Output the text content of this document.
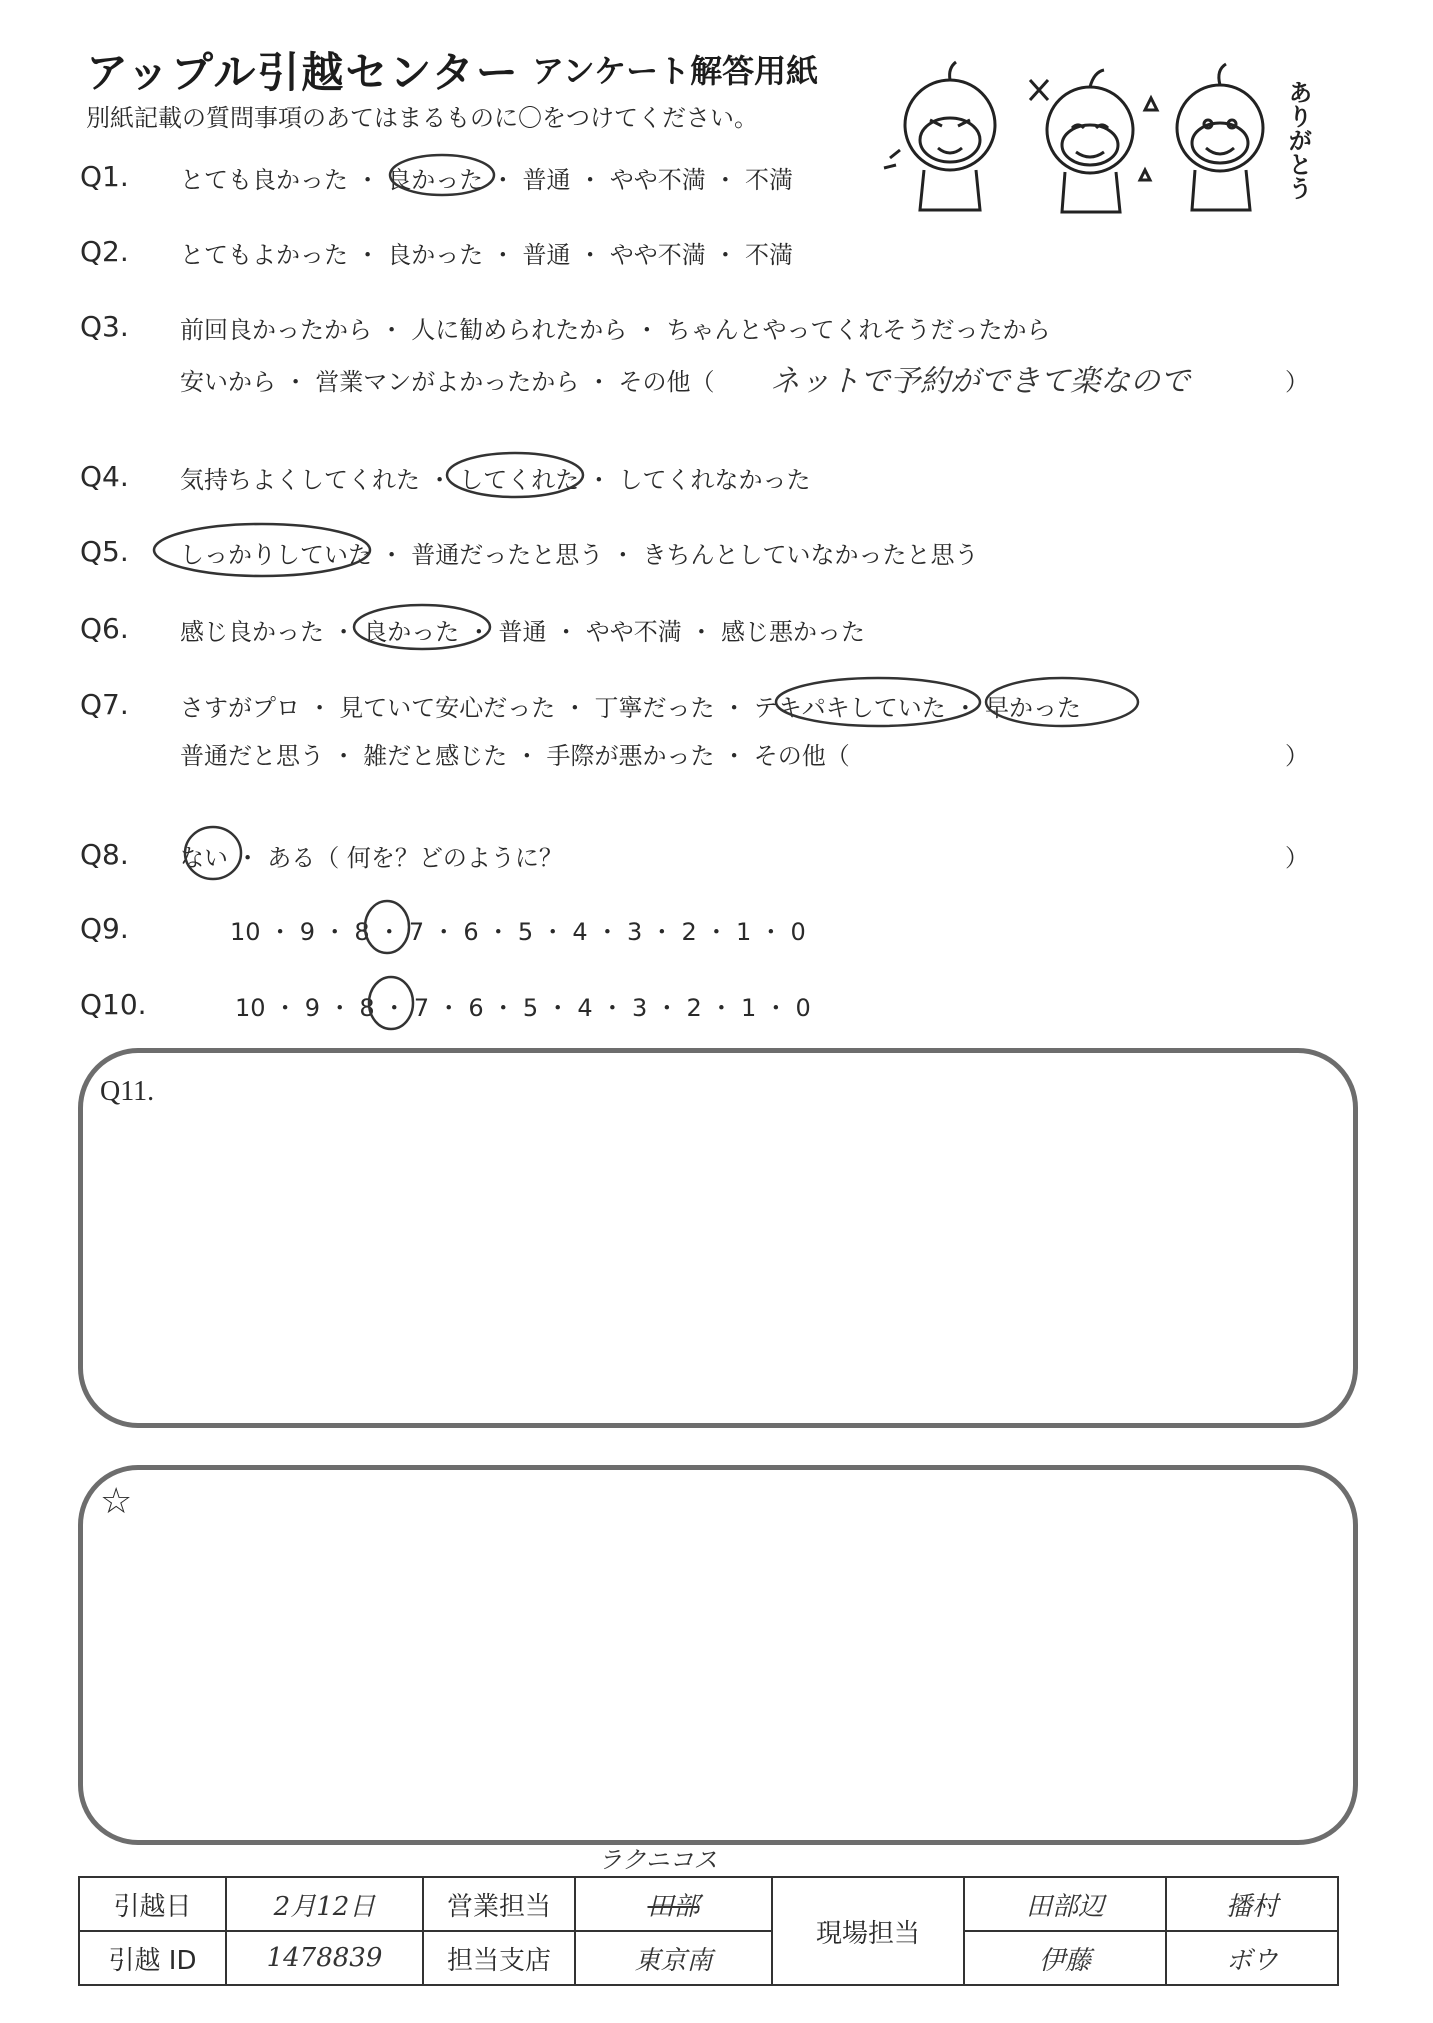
アップル引越センター アンケート解答用紙
別紙記載の質問事項のあてはまるものに〇をつけてください。	ありがとう
Q1. とても良かった ・ 良かった ・ 普通 ・ やや不満 ・ 不満
Q2. とてもよかった ・ 良かった ・ 普通 ・ やや不満 ・ 不満
Q3. 前回良かったから ・ 人に勧められたから ・ ちゃんとやってくれそうだったから
安いから ・ 営業マンがよかったから ・ その他（ ネットで予約ができて楽なので	）
Q4. 気持ちよくしてくれた ・ してくれた ・ してくれなかった
Q5. しっかりしていた ・ 普通だったと思う ・ きちんとしていなかったと思う
Q6. 感じ良かった ・ 良かった ・ 普通 ・ やや不満 ・ 感じ悪かった
Q7. さすがプロ ・ 見ていて安心だった ・ 丁寧だった ・ テキパキしていた ・ 早かった
普通だと思う ・ 雑だと感じた ・ 手際が悪かった ・ その他（	）
Q8. ない ・ ある（ 何を？どのように？	）
Q9.	10 ・ 9 ・ 8 ・ 7 ・ 6 ・ 5 ・ 4 ・ 3 ・ 2 ・ 1 ・ 0
Q10.	10 ・ 9 ・ 8 ・ 7 ・ 6 ・ 5 ・ 4 ・ 3 ・ 2 ・ 1 ・ 0
Q11.
☆
ラクニコス
引越日	2月12日	営業担当	田部	現場担当	田部辺	播村
引越 ID	1478839	担当支店	東京南		伊藤	ボウ
